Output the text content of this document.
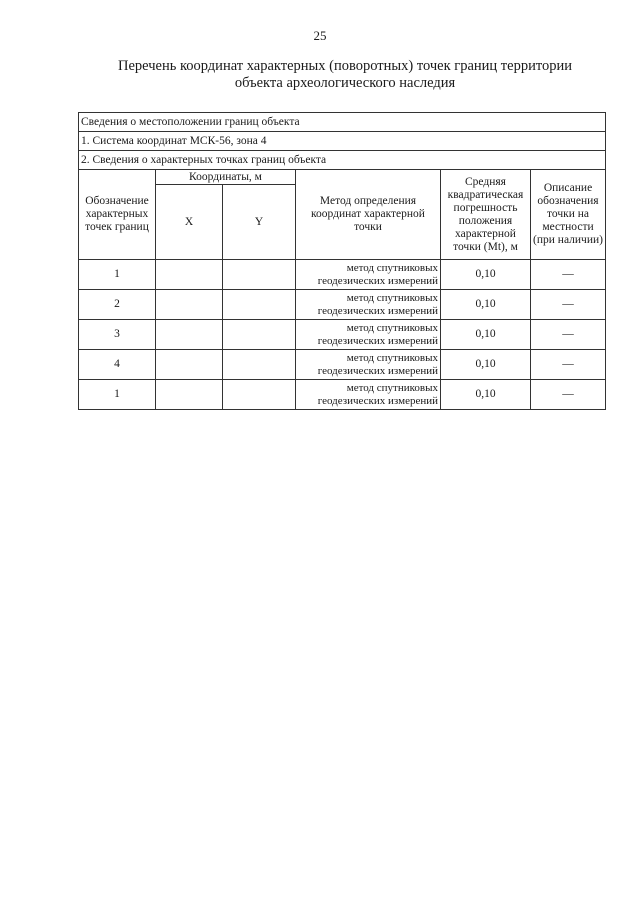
25
Перечень координат характерных (поворотных) точек границ территории
объекта археологического наследия
Сведения о местоположении границ объекта					
1. Система координат МСК-56, зона 4					
2. Сведения о характерных точках границ объекта					
Обозначение характерных точек границ	Координаты, м		Метод определения координат характерной точки	Средняя квадратическая погрешность положения характерной точки (Mt), м	Описание обозначения точки на местности (при наличии)
	X	Y			
1			метод спутниковых геодезических измерений	0,10	—
2			метод спутниковых геодезических измерений	0,10	—
3			метод спутниковых геодезических измерений	0,10	—
4			метод спутниковых геодезических измерений	0,10	—
1			метод спутниковых геодезических измерений	0,10	—
